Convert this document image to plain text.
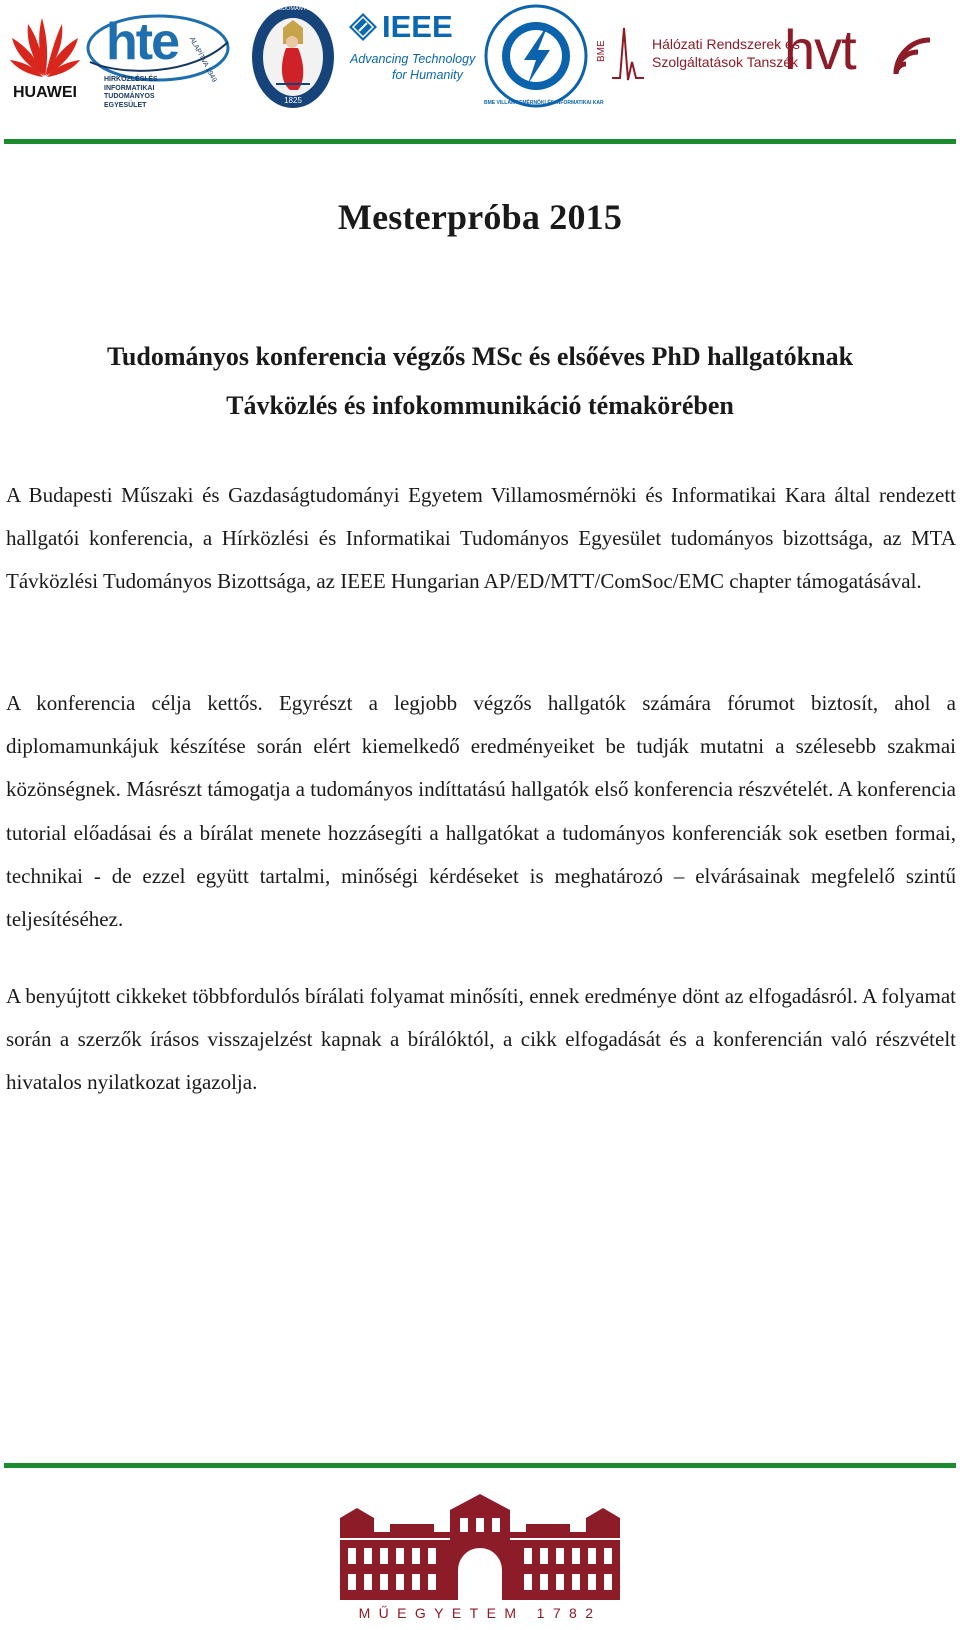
HUAWEI
hte ALAPÍTVA 1949
HÍRKÖZLÉSI ÉS INFORMATIKAI TUDOMÁNYOS EGYESÜLET
MAGYAR TUDOMÁNYOS AKADÉMIA
1825
IEEE
Advancing Technology
for Humanity
BME VILLAMOSMÉRNÖKI ÉS INFORMATIKAI KAR
BME	Hálózati Rendszerek és
Szolgáltatások Tanszék
hvt
Mesterpróba 2015
Tudományos konferencia végzős MSc és elsőéves PhD hallgatóknak
Távközlés és infokommunikáció témakörében

A Budapesti Műszaki és Gazdaságtudományi Egyetem Villamosmérnöki és Informatikai Kara által rendezett hallgatói konferencia, a Hírközlési és Informatikai Tudományos Egyesület tudományos bizottsága, az MTA Távközlési Tudományos Bizottsága, az IEEE Hungarian AP/ED/MTT/ComSoc/EMC chapter támogatásával.

A konferencia célja kettős. Egyrészt a legjobb végzős hallgatók számára fórumot biztosít, ahol a diplomamunkájuk készítése során elért kiemelkedő eredményeiket be tudják mutatni a szélesebb szakmai közönségnek. Másrészt támogatja a tudományos indíttatású hallgatók első konferencia részvételét. A konferencia tutorial előadásai és a bírálat menete hozzásegíti a hallgatókat a tudományos konferenciák sok esetben formai, technikai - de ezzel együtt tartalmi, minőségi kérdéseket is meghatározó – elvárásainak megfelelő szintű teljesítéséhez.

A benyújtott cikkeket többfordulós bírálati folyamat minősíti, ennek eredménye dönt az elfogadásról. A folyamat során a szerzők írásos visszajelzést kapnak a bírálóktól, a cikk elfogadását és a konferencián való részvételt hivatalos nyilatkozat igazolja.

MŰEGYETEM 1782
